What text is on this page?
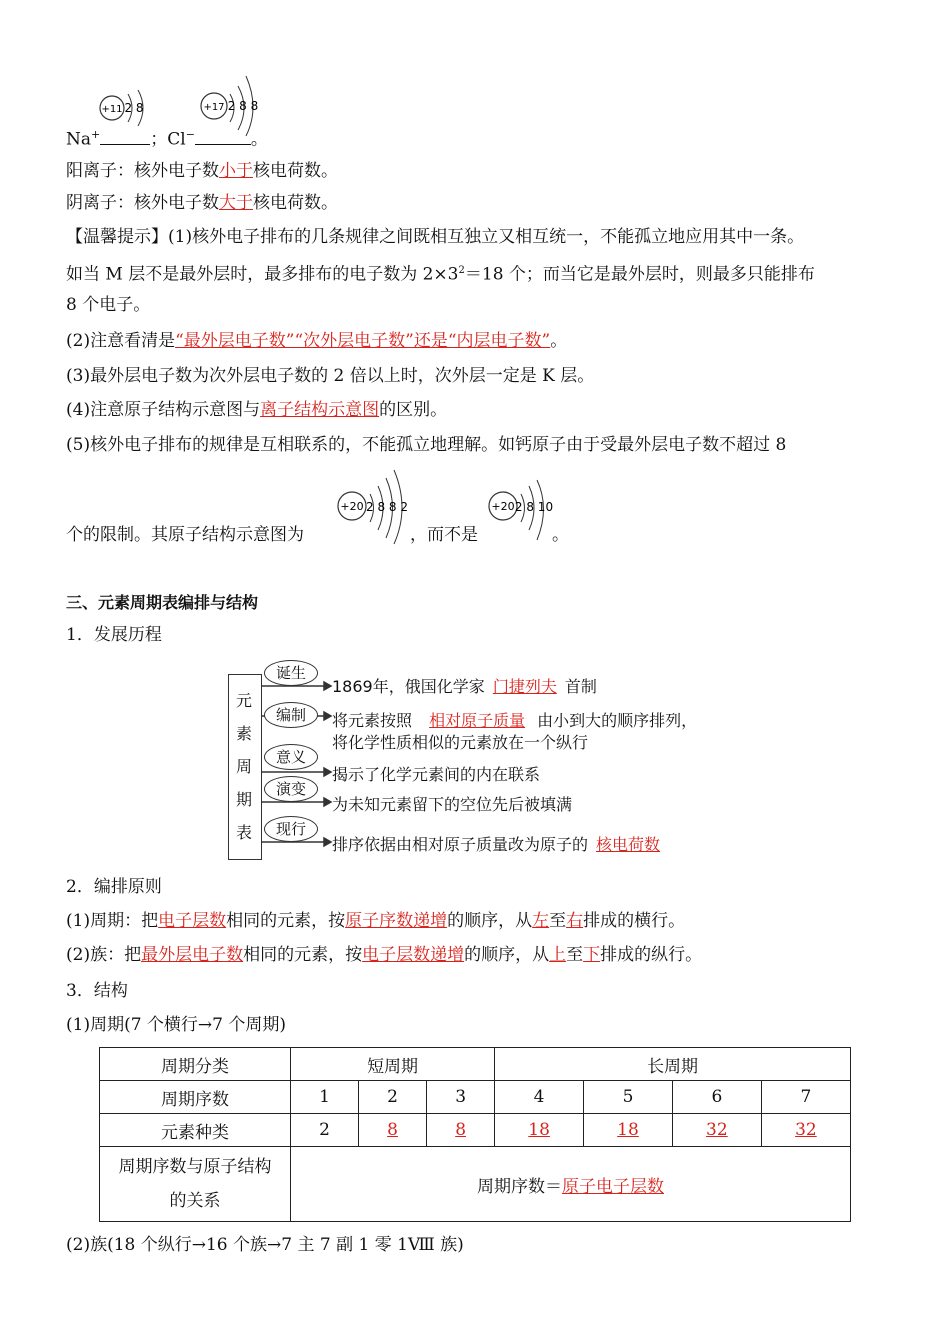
Na+	；Cl−	。
+11 2 8	+17 2 8 8
阳离子：核外电子数小于核电荷数。
阴离子：核外电子数大于核电荷数。
【温馨提示】(1)核外电子排布的几条规律之间既相互独立又相互统一，不能孤立地应用其中一条。
如当 M 层不是最外层时，最多排布的电子数为 $2\times 3^2=18$ 个；而当它是最外层时，则最多只能排布
8 个电子。
(2)注意看清是“最外层电子数”“次外层电子数”还是“内层电子数”。
(3)最外层电子数为次外层电子数的 2 倍以上时，次外层一定是 K 层。
(4)注意原子结构示意图与离子结构示意图的区别。
(5)核外电子排布的规律是互相联系的，不能孤立地理解。如钙原子由于受最外层电子数不超过 8
个的限制。其原子结构示意图为	，而不是	。
+20 2 8 8 2	+20 2 8 10
三、元素周期表编排与结构
1．发展历程
元
素
周
期
表
诞生
1869年，俄国化学家 门捷列夫 首制
编制	将元素按照 相对原子质量 由小到大的顺序排列，
将化学性质相似的元素放在一个纵行
意义
揭示了化学元素间的内在联系
演变
为未知元素留下的空位先后被填满
现行
排序依据由相对原子质量改为原子的 核电荷数
2．编排原则
(1)周期：把电子层数相同的元素，按原子序数递增的顺序，从左至右排成的横行。
(2)族：把最外层电子数相同的元素，按电子层数递增的顺序，从上至下排成的纵行。
3．结构
(1)周期(7 个横行→7 个周期)
周期分类	短周期			长周期			
周期序数	1	2	3	4	5	6	7
元素种类	2	8	8	18	18	32	32
周期序数与原子结构的关系	周期序数＝原子电子层数						
(2)族(18 个纵行→16 个族→7 主 7 副 1 零 1Ⅷ 族)
